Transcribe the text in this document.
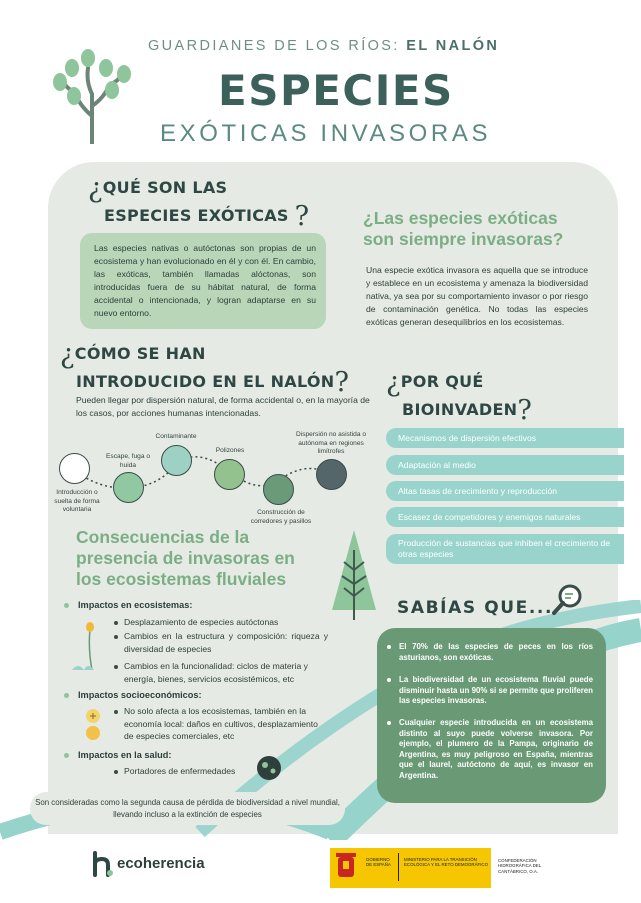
GUARDIANES DE LOS RÍOS: EL NALÓN
ESPECIES
EXÓTICAS INVASORAS
¿QUÉ SON LAS
ESPECIES EXÓTICAS ?
Las especies nativas o autóctonas son propias de un ecosistema y han evolucionado en él y con él. En cambio, las exóticas, también llamadas alóctonas, son introducidas fuera de su hábitat natural, de forma accidental o intencionada, y logran adaptarse en su nuevo entorno.
¿Las especies exóticas
son siempre invasoras?
Una especie exótica invasora es aquella que se introduce y establece en un ecosistema y amenaza la biodiversidad nativa, ya sea por su comportamiento invasor o por riesgo de contaminación genética. No todas las especies exóticas generan desequilibrios en los ecosistemas.
¿CÓMO SE HAN
INTRODUCIDO EN EL NALÓN?
Pueden llegar por dispersión natural, de forma accidental o, en la mayoría de los casos, por acciones humanas intencionadas.
Introducción o suelta de forma voluntaria
Escape, fuga o huida
Contaminante
Polizones
Construcción de corredores y pasillos
Dispersión no asistida o autónoma en regiones limítrofes
¿POR QUÉ
BIOINVADEN?
Mecanismos de dispersión efectivos
Adaptación al medio
Altas tasas de crecimiento y reproducción
Escasez de competidores y enemigos naturales
Producción de sustancias que inhiben el crecimiento de otras especies
Consecuencias de la
presencia de invasoras en
los ecosistemas fluviales
Impactos en ecosistemas:
Desplazamiento de especies autóctonas
Cambios en la estructura y composición: riqueza y diversidad de especies
Cambios en la funcionalidad: ciclos de materia y energía, bienes, servicios ecosistémicos, etc
Impactos socioeconómicos:
No solo afecta a los ecosistemas, también en la economía local: daños en cultivos, desplazamiento de especies comerciales, etc
Impactos en la salud:
Portadores de enfermedades
SABÍAS QUE...
El 70% de las especies de peces en los ríos asturianos, son exóticas.
La biodiversidad de un ecosistema fluvial puede disminuir hasta un 90% si se permite que proliferen las especies invasoras.
Cualquier especie introducida en un ecosistema distinto al suyo puede volverse invasora. Por ejemplo, el plumero de la Pampa, originario de Argentina, es muy peligroso en España, mientras que el laurel, autóctono de aquí, es invasor en Argentina.
Son consideradas como la segunda causa de pérdida de biodiversidad a nivel mundial, llevando incluso a la extinción de especies
ecoherencia	GOBIERNO DE ESPAÑA
MINISTERIO PARA LA TRANSICIÓN ECOLÓGICA Y EL RETO DEMOGRÁFICO
CONFEDERACIÓN HIDROGRÁFICA DEL CANTÁBRICO, O.A.
